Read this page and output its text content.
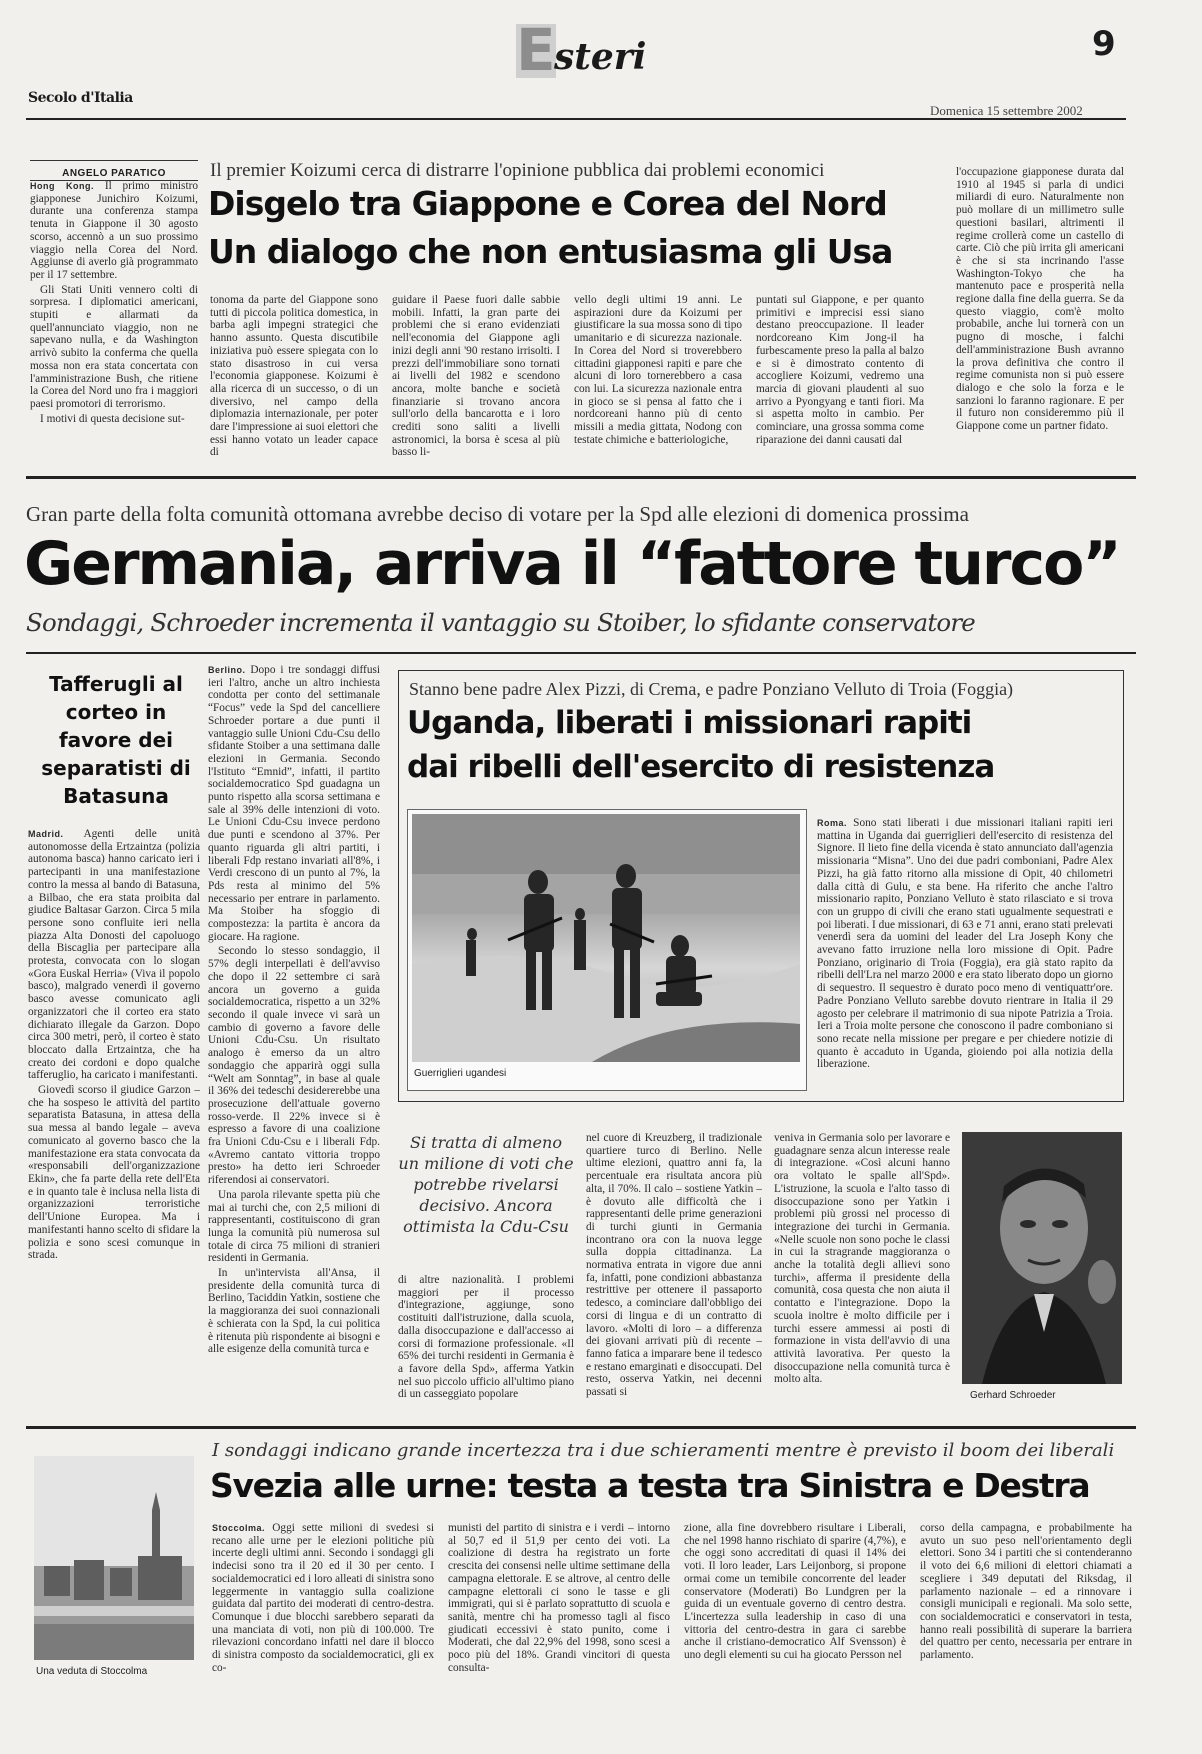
E
steri	9
Secolo d'Italia
Domenica 15 settembre 2002
ANGELO PARATICO	Il premier Koizumi cerca di distrarre l'opinione pubblica dai problemi economici
Disgelo tra Giappone e Corea del Nord
Un dialogo che non entusiasma gli Usa

Hong Kong. Il primo ministro giapponese Junichiro Koizumi, durante una conferenza stampa tenuta in Giappone il 30 agosto scorso, accennò a un suo prossimo viaggio nella Corea del Nord. Aggiunse di averlo già programmato per il 17 settembre.

Gli Stati Uniti vennero colti di sorpresa. I diplomatici americani, stupiti e allarmati da quell'annunciato viaggio, non ne sapevano nulla, e da Washington arrivò subito la conferma che quella mossa non era stata concertata con l'amministrazione Bush, che ritiene la Corea del Nord uno fra i maggiori paesi promotori di terrorismo.

I motivi di questa decisione sut-

tonoma da parte del Giappone sono tutti di piccola politica domestica, in barba agli impegni strategici che hanno assunto. Questa discutibile iniziativa può essere spiegata con lo stato disastroso in cui versa l'economia giapponese. Koizumi è alla ricerca di un successo, o di un diversivo, nel campo della diplomazia internazionale, per poter dare l'impressione ai suoi elettori che essi hanno votato un leader capace di

guidare il Paese fuori dalle sabbie mobili. Infatti, la gran parte dei problemi che si erano evidenziati nell'economia del Giappone agli inizi degli anni '90 restano irrisolti. I prezzi dell'immobiliare sono tornati ai livelli del 1982 e scendono ancora, molte banche e società finanziarie si trovano ancora sull'orlo della bancarotta e i loro crediti sono saliti a livelli astronomici, la borsa è scesa al più basso li-

vello degli ultimi 19 anni. Le aspirazioni dure da Koizumi per giustificare la sua mossa sono di tipo umanitario e di sicurezza nazionale. In Corea del Nord si troverebbero cittadini giapponesi rapiti e pare che alcuni di loro tornerebbero a casa con lui. La sicurezza nazionale entra in gioco se si pensa al fatto che i nordcoreani hanno più di cento missili a media gittata, Nodong con testate chimiche e batteriologiche,

puntati sul Giappone, e per quanto primitivi e imprecisi essi siano destano preoccupazione. Il leader nordcoreano Kim Jong-il ha furbescamente preso la palla al balzo e si è dimostrato contento di accogliere Koizumi, vedremo una marcia di giovani plaudenti al suo arrivo a Pyongyang e tanti fiori. Ma si aspetta molto in cambio. Per cominciare, una grossa somma come riparazione dei danni causati dal

l'occupazione giapponese durata dal 1910 al 1945 si parla di undici miliardi di euro. Naturalmente non può mollare di un millimetro sulle questioni basilari, altrimenti il regime crollerà come un castello di carte. Ciò che più irrita gli americani è che si sta incrinando l'asse Washington-Tokyo che ha mantenuto pace e prosperità nella regione dalla fine della guerra. Se da questo viaggio, com'è molto probabile, anche lui tornerà con un pugno di mosche, i falchi dell'amministrazione Bush avranno la prova definitiva che contro il regime comunista non si può essere dialogo e che solo la forza e le sanzioni lo faranno ragionare. E per il futuro non consideremmo più il Giappone come un partner fidato.

Gran parte della folta comunità ottomana avrebbe deciso di votare per la Spd alle elezioni di domenica prossima
Germania, arriva il “fattore turco”
Sondaggi, Schroeder incrementa il vantaggio su Stoiber, lo sfidante conservatore
Tafferugli al corteo in favore dei separatisti di Batasuna

Madrid. Agenti delle unità autonomosse della Ertzaintza (polizia autonoma basca) hanno caricato ieri i partecipanti in una manifestazione contro la messa al bando di Batasuna, a Bilbao, che era stata proibita dal giudice Baltasar Garzon. Circa 5 mila persone sono confluite ieri nella piazza Alta Donosti del capoluogo della Biscaglia per partecipare alla protesta, convocata con lo slogan «Gora Euskal Herria» (Viva il popolo basco), malgrado venerdì il governo basco avesse comunicato agli organizzatori che il corteo era stato dichiarato illegale da Garzon. Dopo circa 300 metri, però, il corteo è stato bloccato dalla Ertzaintza, che ha creato dei cordoni e dopo qualche tafferuglio, ha caricato i manifestanti.

Giovedì scorso il giudice Garzon – che ha sospeso le attività del partito separatista Batasuna, in attesa della sua messa al bando legale – aveva comunicato al governo basco che la manifestazione era stata convocata da «responsabili dell'organizzazione Ekin», che fa parte della rete dell'Eta e in quanto tale è inclusa nella lista di organizzazioni terroristiche dell'Unione Europea. Ma i manifestanti hanno scelto di sfidare la polizia e sono scesi comunque in strada.

Berlino. Dopo i tre sondaggi diffusi ieri l'altro, anche un altro inchiesta condotta per conto del settimanale “Focus” vede la Spd del cancelliere Schroeder portare a due punti il vantaggio sulle Unioni Cdu-Csu dello sfidante Stoiber a una settimana dalle elezioni in Germania. Secondo l'Istituto “Emnid”, infatti, il partito socialdemocratico Spd guadagna un punto rispetto alla scorsa settimana e sale al 39% delle intenzioni di voto. Le Unioni Cdu-Csu invece perdono due punti e scendono al 37%. Per quanto riguarda gli altri partiti, i liberali Fdp restano invariati all'8%, i Verdi crescono di un punto al 7%, la Pds resta al minimo del 5% necessario per entrare in parlamento. Ma Stoiber ha sfoggio di compostezza: la partita è ancora da giocare. Ha ragione.

Secondo lo stesso sondaggio, il 57% degli interpellati è dell'avviso che dopo il 22 settembre ci sarà ancora un governo a guida socialdemocratica, rispetto a un 32% secondo il quale invece vi sarà un cambio di governo a favore delle Unioni Cdu-Csu. Un risultato analogo è emerso da un altro sondaggio che apparirà oggi sulla “Welt am Sonntag”, in base al quale il 36% dei tedeschi desidererebbe una prosecuzione dell'attuale governo rosso-verde. Il 22% invece si è espresso a favore di una coalizione fra Unioni Cdu-Csu e i liberali Fdp. «Avremo cantato vittoria troppo presto» ha detto ieri Schroeder riferendosi ai conservatori.

Una parola rilevante spetta più che mai ai turchi che, con 2,5 milioni di rappresentanti, costituiscono di gran lunga la comunità più numerosa sul totale di circa 75 milioni di stranieri residenti in Germania.

In un'intervista all'Ansa, il presidente della comunità turca di Berlino, Taciddin Yatkin, sostiene che la maggioranza dei suoi connazionali è schierata con la Spd, la cui politica è ritenuta più rispondente ai bisogni e alle esigenze della comunità turca e

Stanno bene padre Alex Pizzi, di Crema, e padre Ponziano Velluto di Troia (Foggia)
Uganda, liberati i missionari rapiti
dai ribelli dell'esercito di resistenza
Guerriglieri ugandesi

Roma. Sono stati liberati i due missionari italiani rapiti ieri mattina in Uganda dai guerriglieri dell'esercito di resistenza del Signore. Il lieto fine della vicenda è stato annunciato dall'agenzia missionaria “Misna”. Uno dei due padri comboniani, Padre Alex Pizzi, ha già fatto ritorno alla missione di Opit, 40 chilometri dalla città di Gulu, e sta bene. Ha riferito che anche l'altro missionario rapito, Ponziano Velluto è stato rilasciato e si trova con un gruppo di civili che erano stati ugualmente sequestrati e poi liberati. I due missionari, di 63 e 71 anni, erano stati prelevati venerdì sera da uomini del leader del Lra Joseph Kony che avevano fatto irruzione nella loro missione di Opit. Padre Ponziano, originario di Troia (Foggia), era già stato rapito da ribelli dell'Lra nel marzo 2000 e era stato liberato dopo un giorno di sequestro. Il sequestro è durato poco meno di ventiquattr'ore. Padre Ponziano Velluto sarebbe dovuto rientrare in Italia il 29 agosto per celebrare il matrimonio di sua nipote Patrizia a Troia. Ieri a Troia molte persone che conoscono il padre comboniano si sono recate nella missione per pregare e per chiedere notizie di quanto è accaduto in Uganda, gioiendo poi alla notizia della liberazione.

Si tratta di almeno un milione di voti che potrebbe rivelarsi decisivo. Ancora ottimista la Cdu-Csu

di altre nazionalità. I problemi maggiori per il processo d'integrazione, aggiunge, sono costituiti dall'istruzione, dalla scuola, dalla disoccupazione e dall'accesso ai corsi di formazione professionale. «Il 65% dei turchi residenti in Germania è a favore della Spd», afferma Yatkin nel suo piccolo ufficio all'ultimo piano di un casseggiato popolare

nel cuore di Kreuzberg, il tradizionale quartiere turco di Berlino. Nelle ultime elezioni, quattro anni fa, la percentuale era risultata ancora più alta, il 70%. Il calo – sostiene Yatkin – è dovuto alle difficoltà che i rappresentanti delle prime generazioni di turchi giunti in Germania incontrano ora con la nuova legge sulla doppia cittadinanza. La normativa entrata in vigore due anni fa, infatti, pone condizioni abbastanza restrittive per ottenere il passaporto tedesco, a cominciare dall'obbligo dei corsi di lingua e di un contratto di lavoro. «Molti di loro – a differenza dei giovani arrivati più di recente – fanno fatica a imparare bene il tedesco e restano emarginati e disoccupati. Del resto, osserva Yatkin, nei decenni passati si

veniva in Germania solo per lavorare e guadagnare senza alcun interesse reale di integrazione. «Così alcuni hanno ora voltato le spalle all'Spd». L'istruzione, la scuola e l'alto tasso di disoccupazione sono per Yatkin i problemi più grossi nel processo di integrazione dei turchi in Germania. «Nelle scuole non sono poche le classi in cui la stragrande maggioranza o anche la totalità degli allievi sono turchi», afferma il presidente della comunità, cosa questa che non aiuta il contatto e l'integrazione. Dopo la scuola inoltre è molto difficile per i turchi essere ammessi ai posti di formazione in vista dell'avvio di una attività lavorativa. Per questo la disoccupazione nella comunità turca è molto alta.

Gerhard Schroeder
Una veduta di Stoccolma
I sondaggi indicano grande incertezza tra i due schieramenti mentre è previsto il boom dei liberali
Svezia alle urne: testa a testa tra Sinistra e Destra

Stoccolma. Oggi sette milioni di svedesi si recano alle urne per le elezioni politiche più incerte degli ultimi anni. Secondo i sondaggi gli indecisi sono tra il 20 ed il 30 per cento. I socialdemocratici ed i loro alleati di sinistra sono leggermente in vantaggio sulla coalizione guidata dal partito dei moderati di centro-destra. Comunque i due blocchi sarebbero separati da una manciata di voti, non più di 100.000. Tre rilevazioni concordano infatti nel dare il blocco di sinistra composto da socialdemocratici, gli ex co-

munisti del partito di sinistra e i verdi – intorno al 50,7 ed il 51,9 per cento dei voti. La coalizione di destra ha registrato un forte crescita dei consensi nelle ultime settimane della campagna elettorale. E se altrove, al centro delle campagne elettorali ci sono le tasse e gli immigrati, qui si è parlato soprattutto di scuola e sanità, mentre chi ha promesso tagli al fisco giudicati eccessivi è stato punito, come i Moderati, che dal 22,9% del 1998, sono scesi a poco più del 18%. Grandi vincitori di questa consulta-

zione, alla fine dovrebbero risultare i Liberali, che nel 1998 hanno rischiato di sparire (4,7%), e che oggi sono accreditati di quasi il 14% dei voti. Il loro leader, Lars Leijonborg, si propone ormai come un temibile concorrente del leader conservatore (Moderati) Bo Lundgren per la guida di un eventuale governo di centro destra. L'incertezza sulla leadership in caso di una vittoria del centro-destra in gara ci sarebbe anche il cristiano-democratico Alf Svensson) è uno degli elementi su cui ha giocato Persson nel

corso della campagna, e probabilmente ha avuto un suo peso nell'orientamento degli elettori. Sono 34 i partiti che si contenderanno il voto dei 6,6 milioni di elettori chiamati a scegliere i 349 deputati del Riksdag, il parlamento nazionale – ed a rinnovare i consigli municipali e regionali. Ma solo sette, con socialdemocratici e conservatori in testa, hanno reali possibilità di superare la barriera del quattro per cento, necessaria per entrare in parlamento.
